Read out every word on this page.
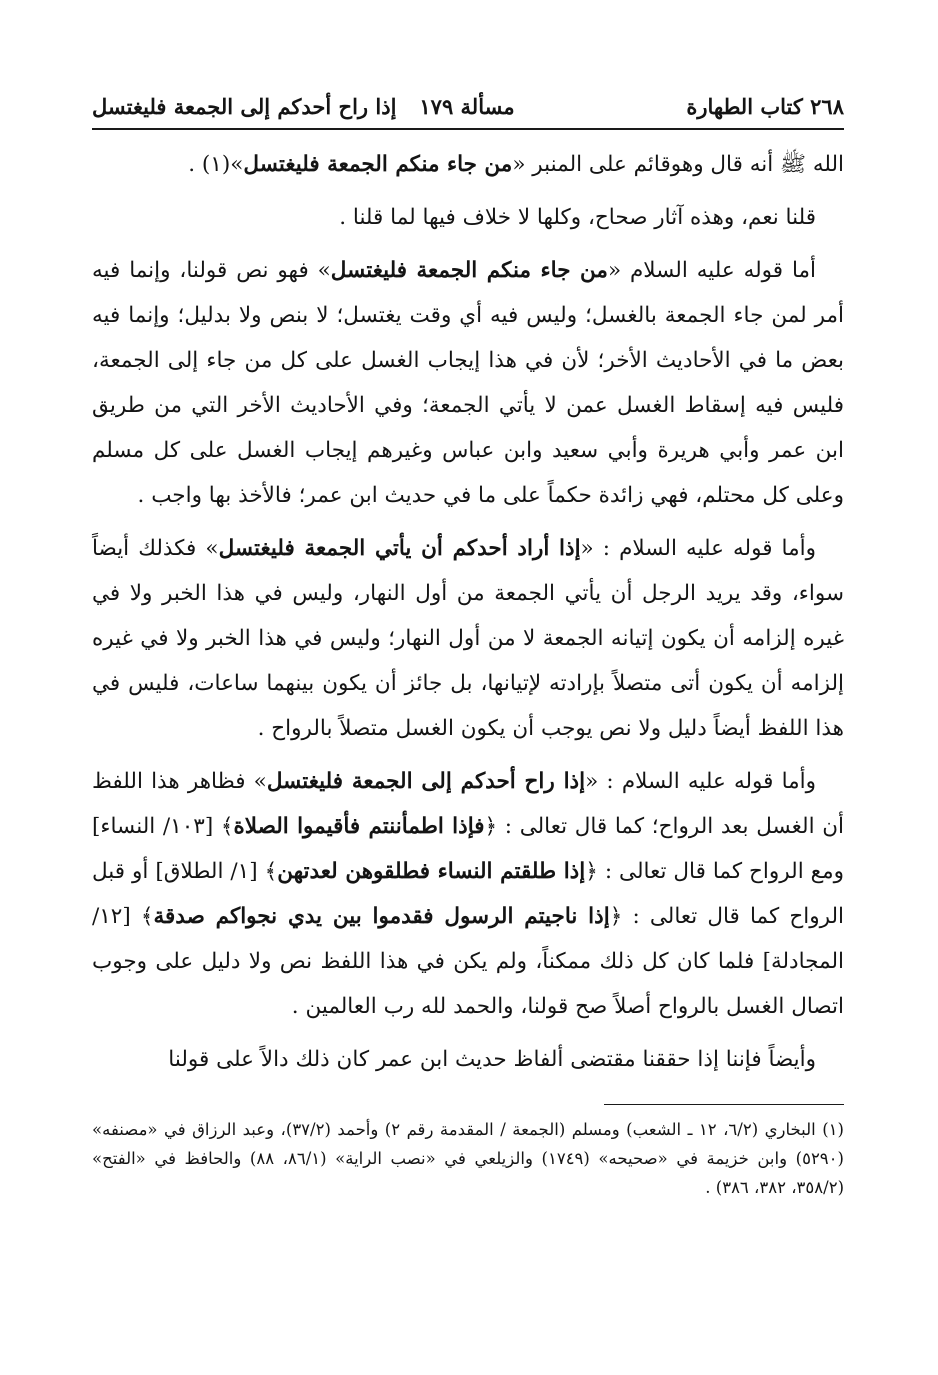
٢٦٨ كتاب الطهارة
مسألة ١٧٩
إذا راح أحدكم إلى الجمعة فليغتسل

الله ﷺ أنه قال وهوقائم على المنبر «من جاء منكم الجمعة فليغتسل»(١) .

قلنا نعم، وهذه آثار صحاح، وكلها لا خلاف فيها لما قلنا .

أما قوله عليه السلام «من جاء منكم الجمعة فليغتسل» فهو نص قولنا، وإنما فيه أمر لمن جاء الجمعة بالغسل؛ وليس فيه أي وقت يغتسل؛ لا بنص ولا بدليل؛ وإنما فيه بعض ما في الأحاديث الأخر؛ لأن في هذا إيجاب الغسل على كل من جاء إلى الجمعة، فليس فيه إسقاط الغسل عمن لا يأتي الجمعة؛ وفي الأحاديث الأخر التي من طريق ابن عمر وأبي هريرة وأبي سعيد وابن عباس وغيرهم إيجاب الغسل على كل مسلم وعلى كل محتلم، فهي زائدة حكماً على ما في حديث ابن عمر؛ فالأخذ بها واجب .

وأما قوله عليه السلام : «إذا أراد أحدكم أن يأتي الجمعة فليغتسل» فكذلك أيضاً سواء، وقد يريد الرجل أن يأتي الجمعة من أول النهار، وليس في هذا الخبر ولا في غيره إلزامه أن يكون إتيانه الجمعة لا من أول النهار؛ وليس في هذا الخبر ولا في غيره إلزامه أن يكون أتى متصلاً بإرادته لإتيانها، بل جائز أن يكون بينهما ساعات، فليس في هذا اللفظ أيضاً دليل ولا نص يوجب أن يكون الغسل متصلاً بالرواح .

وأما قوله عليه السلام : «إذا راح أحدكم إلى الجمعة فليغتسل» فظاهر هذا اللفظ أن الغسل بعد الرواح؛ كما قال تعالى : ﴿فإذا اطمأننتم فأقيموا الصلاة﴾ [١٠٣/ النساء] ومع الرواح كما قال تعالى : ﴿إذا طلقتم النساء فطلقوهن لعدتهن﴾ [١/ الطلاق] أو قبل الرواح كما قال تعالى : ﴿إذا ناجيتم الرسول فقدموا بين يدي نجواكم صدقة﴾ [١٢/ المجادلة] فلما كان كل ذلك ممكناً، ولم يكن في هذا اللفظ نص ولا دليل على وجوب اتصال الغسل بالرواح أصلاً صح قولنا، والحمد لله رب العالمين .

وأيضاً فإننا إذا حققنا مقتضى ألفاظ حديث ابن عمر كان ذلك دالاً على قولنا

(١) البخاري (٦/٢، ١٢ ـ الشعب) ومسلم (الجمعة / المقدمة رقم ٢) وأحمد (٣٧/٢)، وعبد الرزاق في «مصنفه» (٥٢٩٠) وابن خزيمة في «صحيحه» (١٧٤٩) والزيلعي في «نصب الراية» (٨٦/١، ٨٨) والحافظ في «الفتح» (٣٥٨/٢، ٣٨٢، ٣٨٦) .
